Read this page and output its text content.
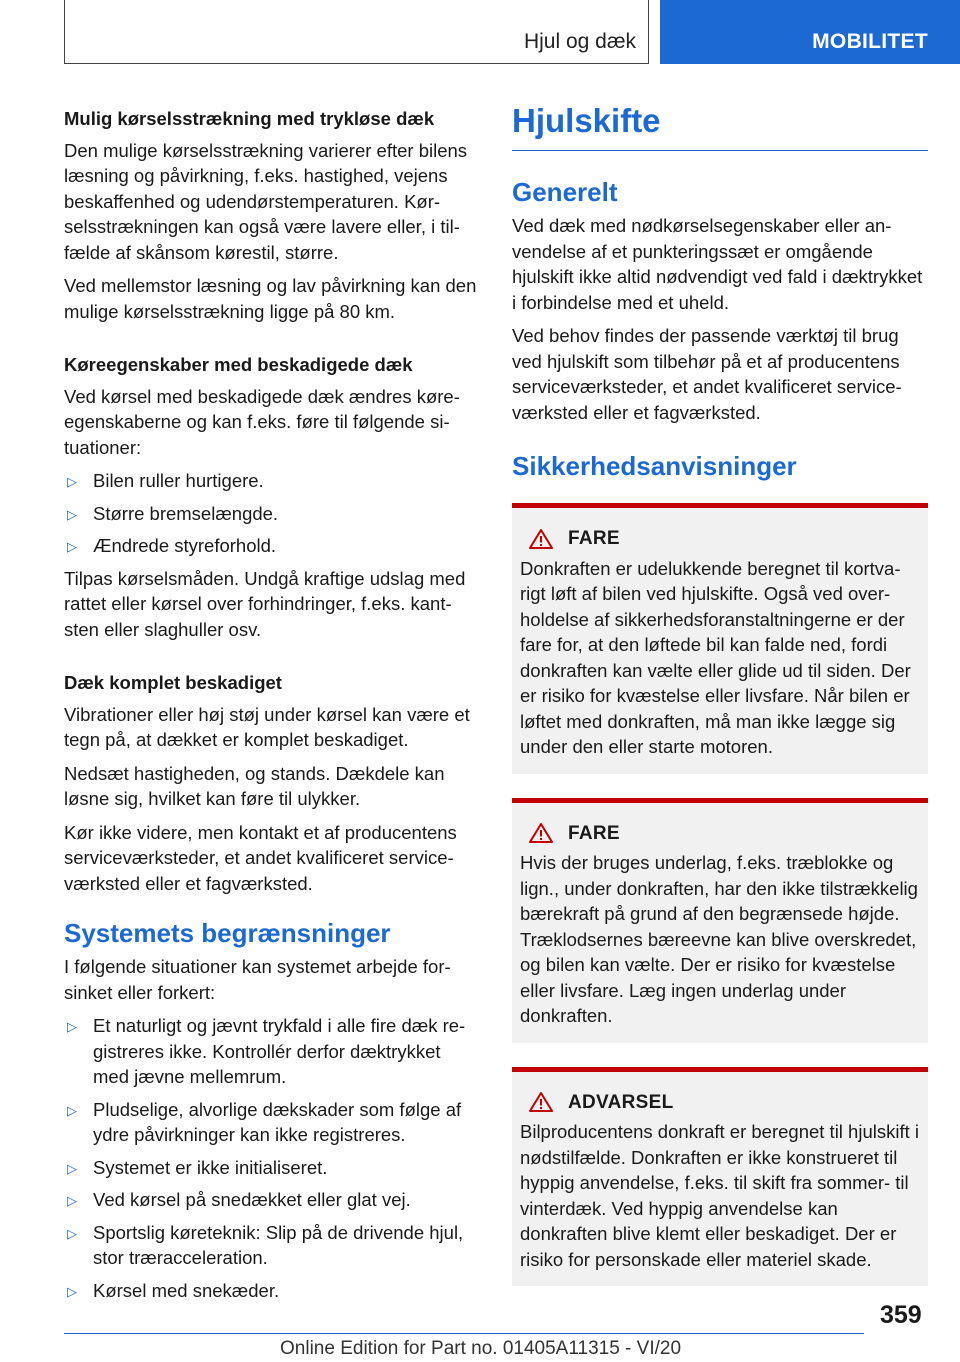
Hjul og dæk	MOBILITET

Mulig kørselsstrækning med trykløse dæk

Den mulige kørselsstrækning varierer efter bilens læsning og påvirkning, f.eks. hastighed, vejens beskaffenhed og udendørstemperaturen. Kørselsstrækningen kan også være lavere eller, i tilfælde af skånsom kørestil, større.

Ved mellemstor læsning og lav påvirkning kan den mulige kørselsstrækning ligge på 80 km.

Køreegenskaber med beskadigede dæk

Ved kørsel med beskadigede dæk ændres køreegenskaberne og kan f.eks. føre til følgende situationer:

▷ Bilen ruller hurtigere.
▷ Større bremselængde.
▷ Ændrede styreforhold.

Tilpas kørselsmåden. Undgå kraftige udslag med rattet eller kørsel over forhindringer, f.eks. kantsten eller slaghuller osv.

Dæk komplet beskadiget

Vibrationer eller høj støj under kørsel kan være et tegn på, at dækket er komplet beskadiget.

Nedsæt hastigheden, og stands. Dækdele kan løsne sig, hvilket kan føre til ulykker.

Kør ikke videre, men kontakt et af producentens serviceværksteder, et andet kvalificeret serviceværksted eller et fagværksted.

Systemets begrænsninger

I følgende situationer kan systemet arbejde forsinket eller forkert:

▷ Et naturligt og jævnt trykfald i alle fire dæk registreres ikke. Kontrollér derfor dæktrykket med jævne mellemrum.
▷ Pludselige, alvorlige dækskader som følge af ydre påvirkninger kan ikke registreres.
▷ Systemet er ikke initialiseret.
▷ Ved kørsel på snedækket eller glat vej.
▷ Sportslig køreteknik: Slip på de drivende hjul, stor træracceleration.
▷ Kørsel med snekæder.
Hjulskifte
Generelt

Ved dæk med nødkørselsegenskaber eller anvendelse af et punkteringssæt er omgående hjulskift ikke altid nødvendigt ved fald i dæktrykket i forbindelse med et uheld.

Ved behov findes der passende værktøj til brug ved hjulskift som tilbehør på et af producentens serviceværksteder, et andet kvalificeret serviceværksted eller et fagværksted.

Sikkerhedsanvisninger
FARE

Donkraften er udelukkende beregnet til kortvarigt løft af bilen ved hjulskifte. Også ved overholdelse af sikkerhedsforanstaltningerne er der fare for, at den løftede bil kan falde ned, fordi donkraften kan vælte eller glide ud til siden. Der er risiko for kvæstelse eller livsfare. Når bilen er løftet med donkraften, må man ikke lægge sig under den eller starte motoren.

FARE

Hvis der bruges underlag, f.eks. træblokke og lign., under donkraften, har den ikke tilstrækkelig bærekraft på grund af den begrænsede højde. Træklodsernes bæreevne kan blive overskredet, og bilen kan vælte. Der er risiko for kvæstelse eller livsfare. Læg ingen underlag under donkraften.

ADVARSEL

Bilproducentens donkraft er beregnet til hjulskift i nødstilfælde. Donkraften er ikke konstrueret til hyppig anvendelse, f.eks. til skift fra sommer- til vinterdæk. Ved hyppig anvendelse kan donkraften blive klemt eller beskadiget. Der er risiko for personskade eller materiel skade.

359
Online Edition for Part no. 01405A11315 - VI/20
